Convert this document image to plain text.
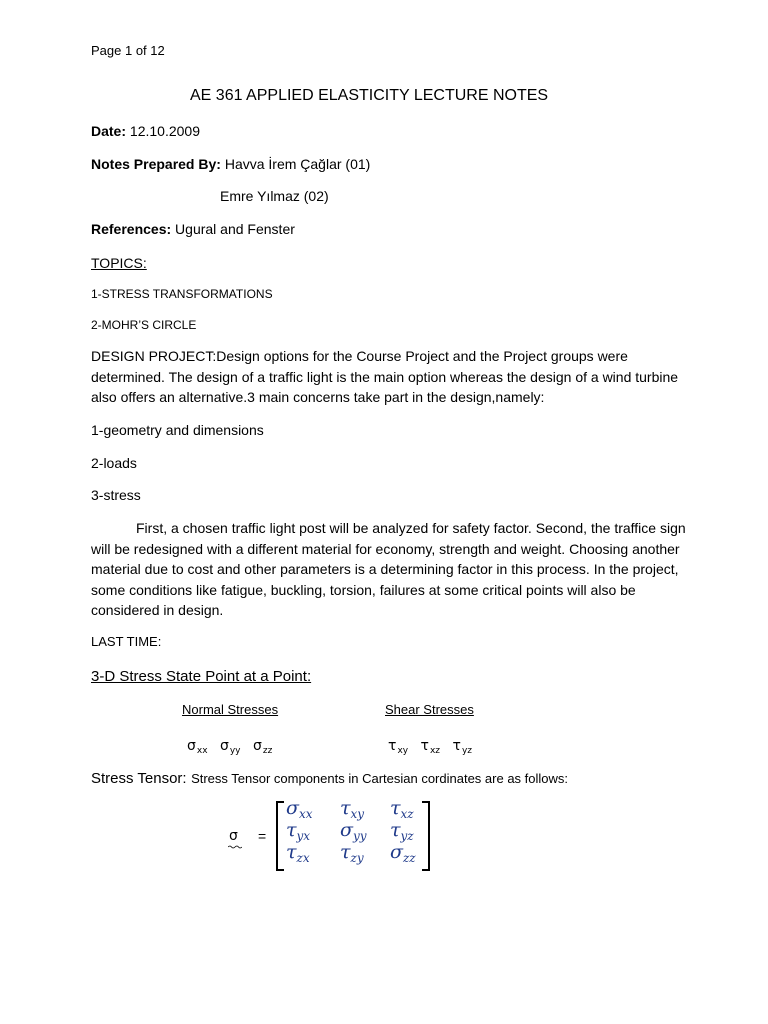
Page 1 of 12
AE 361 APPLIED ELASTICITY LECTURE NOTES
Date: 12.10.2009
Notes Prepared By: Havva İrem Çağlar (01)
Emre Yılmaz (02)
References: Ugural and Fenster
TOPICS:
1-STRESS TRANSFORMATIONS
2-MOHR’S CIRCLE
DESIGN PROJECT:Design options for the Course Project and the Project groups were determined. The design of a traffic light is the main option whereas the design of a wind turbine also offers an alternative.3 main concerns take part in the design,namely:
1-geometry and dimensions
2-loads
3-stress
First, a chosen traffic light post will be analyzed for safety factor. Second, the traffice sign will be redesigned with a different material for economy, strength and weight. Choosing another material due to cost and other parameters is a determining factor in this process. In the project, some conditions like fatigue, buckling, torsion, failures at some critical points will also be considered in design.
LAST TIME:
3-D Stress State Point at a Point:
Normal Stresses	Shear Stresses
$\sigma_{xx}$ $\sigma_{yy}$ $\sigma_{zz}$	$\tau_{xy}$ $\tau_{xz}$ $\tau_{yz}$
Stress Tensor: Stress Tensor components in Cartesian cordinates are as follows:
σ =
$\sigma_{xx}$ $\tau_{xy}$ $\tau_{xz}$
$\tau_{yx}$ $\sigma_{yy}$ $\tau_{yz}$
$\tau_{zx}$ $\tau_{zy}$ $\sigma_{zz}$
